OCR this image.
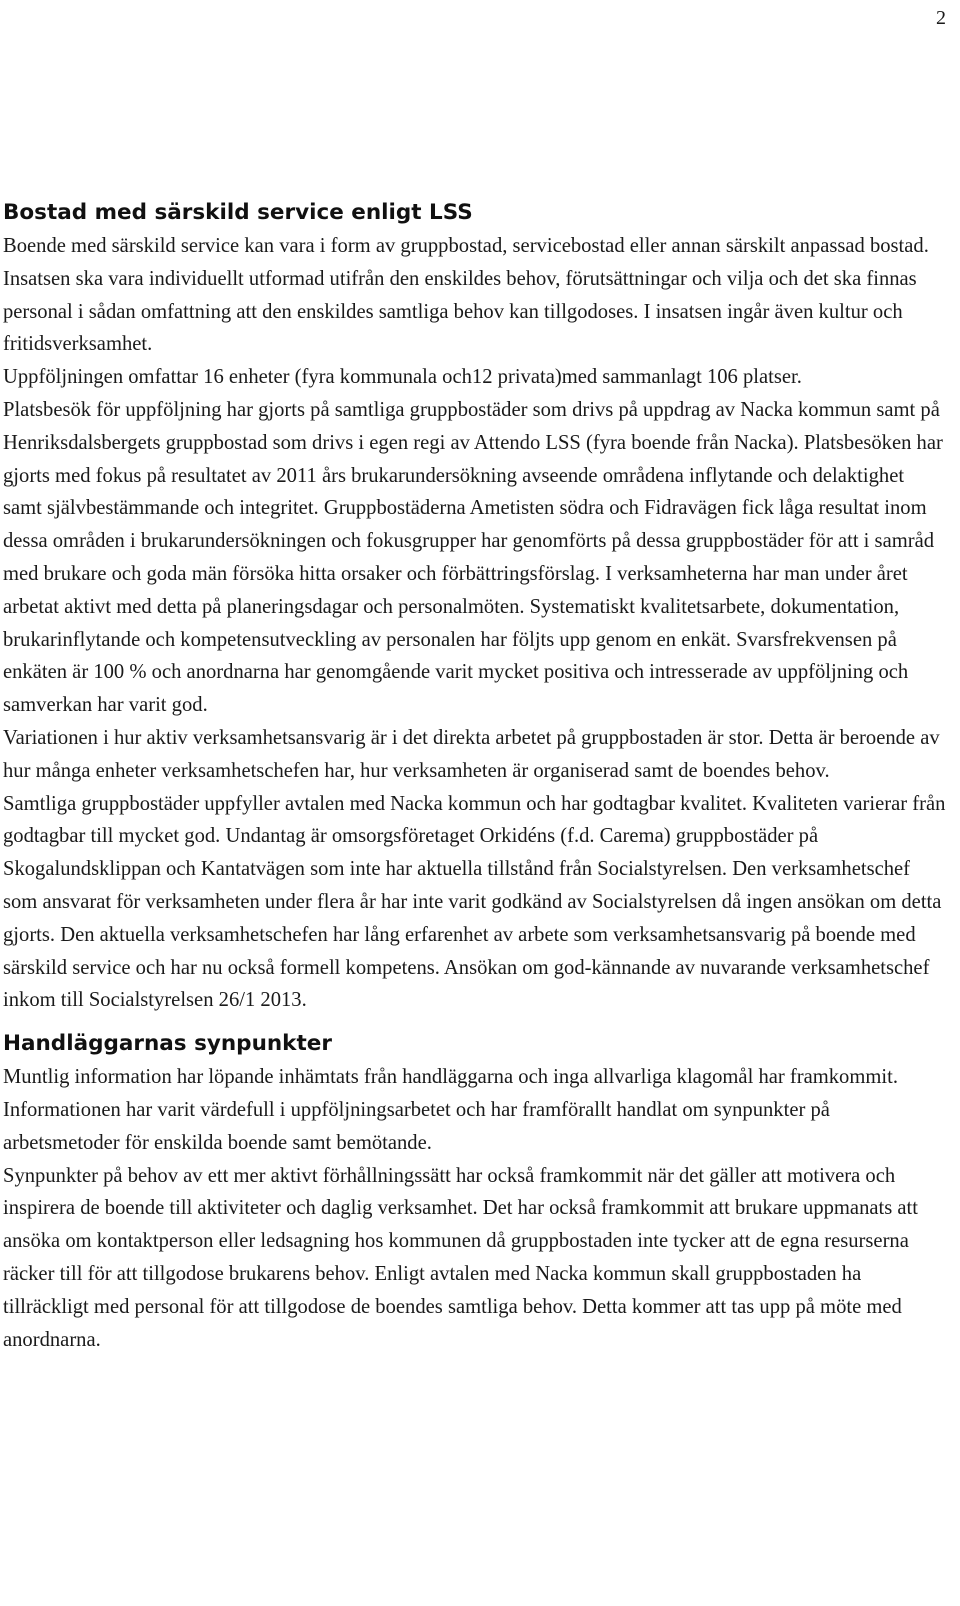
2
Bostad med särskild service enligt LSS

Boende med särskild service kan vara i form av gruppbostad, servicebostad eller annan särskilt anpassad bostad. Insatsen ska vara individuellt utformad utifrån den enskildes behov, förutsättningar och vilja och det ska finnas personal i sådan omfattning att den enskildes samtliga behov kan tillgodoses. I insatsen ingår även kultur och fritidsverksamhet.

Uppföljningen omfattar 16 enheter (fyra kommunala och12 privata)med sammanlagt 106 platser.

Platsbesök för uppföljning har gjorts på samtliga gruppbostäder som drivs på uppdrag av Nacka kommun samt på Henriksdalsbergets gruppbostad som drivs i egen regi av Attendo LSS (fyra boende från Nacka). Platsbesöken har gjorts med fokus på resultatet av 2011 års brukarundersökning avseende områdena inflytande och delaktighet samt självbestämmande och integritet. Gruppbostäderna Ametisten södra och Fidravägen fick låga resultat inom dessa områden i brukarundersökningen och fokusgrupper har genomförts på dessa gruppbostäder för att i samråd med brukare och goda män försöka hitta orsaker och förbättringsförslag. I verksamheterna har man under året arbetat aktivt med detta på planeringsdagar och personalmöten. Systematiskt kvalitetsarbete, dokumentation, brukarinflytande och kompetensutveckling av personalen har följts upp genom en enkät. Svarsfrekvensen på enkäten är 100 % och anordnarna har genomgående varit mycket positiva och intresserade av uppföljning och samverkan har varit god.

Variationen i hur aktiv verksamhetsansvarig är i det direkta arbetet på gruppbostaden är stor. Detta är beroende av hur många enheter verksamhetschefen har, hur verksamheten är organiserad samt de boendes behov.

Samtliga gruppbostäder uppfyller avtalen med Nacka kommun och har godtagbar kvalitet. Kvaliteten varierar från godtagbar till mycket god. Undantag är omsorgsföretaget Orkidéns (f.d. Carema) gruppbostäder på Skogalundsklippan och Kantatvägen som inte har aktuella tillstånd från Socialstyrelsen. Den verksamhetschef som ansvarat för verksamheten under flera år har inte varit godkänd av Socialstyrelsen då ingen ansökan om detta gjorts. Den aktuella verksamhetschefen har lång erfarenhet av arbete som verksamhetsansvarig på boende med särskild service och har nu också formell kompetens. Ansökan om god-kännande av nuvarande verksamhetschef inkom till Socialstyrelsen 26/1 2013.

Handläggarnas synpunkter

Muntlig information har löpande inhämtats från handläggarna och inga allvarliga klagomål har framkommit. Informationen har varit värdefull i uppföljningsarbetet och har framförallt handlat om synpunkter på arbetsmetoder för enskilda boende samt bemötande.

Synpunkter på behov av ett mer aktivt förhållningssätt har också framkommit när det gäller att motivera och inspirera de boende till aktiviteter och daglig verksamhet. Det har också framkommit att brukare uppmanats att ansöka om kontaktperson eller ledsagning hos kommunen då gruppbostaden inte tycker att de egna resurserna räcker till för att tillgodose brukarens behov. Enligt avtalen med Nacka kommun skall gruppbostaden ha tillräckligt med personal för att tillgodose de boendes samtliga behov. Detta kommer att tas upp på möte med anordnarna.
